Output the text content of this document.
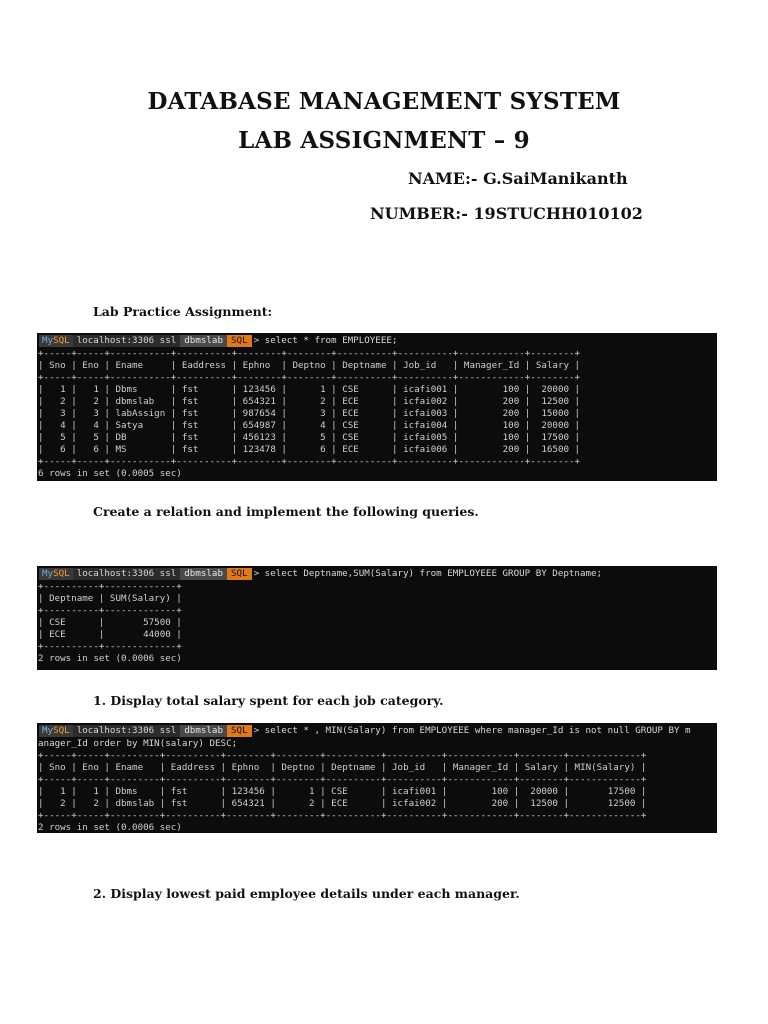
DATABASE MANAGEMENT SYSTEM
LAB ASSIGNMENT – 9
NAME:- G.SaiManikanth
NUMBER:- 19STUCHH010102
Lab Practice Assignment:
MySQL localhost:3306 ssl dbmslab SQL > select * from EMPLOYEEE;
+-----+-----+-----------+----------+--------+--------+----------+----------+------------+--------+
| Sno | Eno | Ename     | Eaddress | Ephno  | Deptno | Deptname | Job_id   | Manager_Id | Salary |
+-----+-----+-----------+----------+--------+--------+----------+----------+------------+--------+
|   1 |   1 | Dbms      | fst      | 123456 |      1 | CSE      | icafi001 |        100 |  20000 |
|   2 |   2 | dbmslab   | fst      | 654321 |      2 | ECE      | icfai002 |        200 |  12500 |
|   3 |   3 | labAssign | fst      | 987654 |      3 | ECE      | icfai003 |        200 |  15000 |
|   4 |   4 | Satya     | fst      | 654987 |      4 | CSE      | icfai004 |        100 |  20000 |
|   5 |   5 | DB        | fst      | 456123 |      5 | CSE      | icfai005 |        100 |  17500 |
|   6 |   6 | MS        | fst      | 123478 |      6 | ECE      | icfai006 |        200 |  16500 |
+-----+-----+-----------+----------+--------+--------+----------+----------+------------+--------+
6 rows in set (0.0005 sec)
Create a relation and implement the following queries.
MySQL localhost:3306 ssl dbmslab SQL > select Deptname,SUM(Salary) from EMPLOYEEE GROUP BY Deptname;
+----------+-------------+
| Deptname | SUM(Salary) |
+----------+-------------+
| CSE      |       57500 |
| ECE      |       44000 |
+----------+-------------+
2 rows in set (0.0006 sec)
1. Display total salary spent for each job category.
MySQL localhost:3306 ssl dbmslab SQL > select * , MIN(Salary) from EMPLOYEEE where manager_Id is not null GROUP BY m
anager_Id order by MIN(salary) DESC;
+-----+-----+---------+----------+--------+--------+----------+----------+------------+--------+-------------+
| Sno | Eno | Ename   | Eaddress | Ephno  | Deptno | Deptname | Job_id   | Manager_Id | Salary | MIN(Salary) |
+-----+-----+---------+----------+--------+--------+----------+----------+------------+--------+-------------+
|   1 |   1 | Dbms    | fst      | 123456 |      1 | CSE      | icafi001 |        100 |  20000 |       17500 |
|   2 |   2 | dbmslab | fst      | 654321 |      2 | ECE      | icfai002 |        200 |  12500 |       12500 |
+-----+-----+---------+----------+--------+--------+----------+----------+------------+--------+-------------+
2 rows in set (0.0006 sec)
2. Display lowest paid employee details under each manager.
